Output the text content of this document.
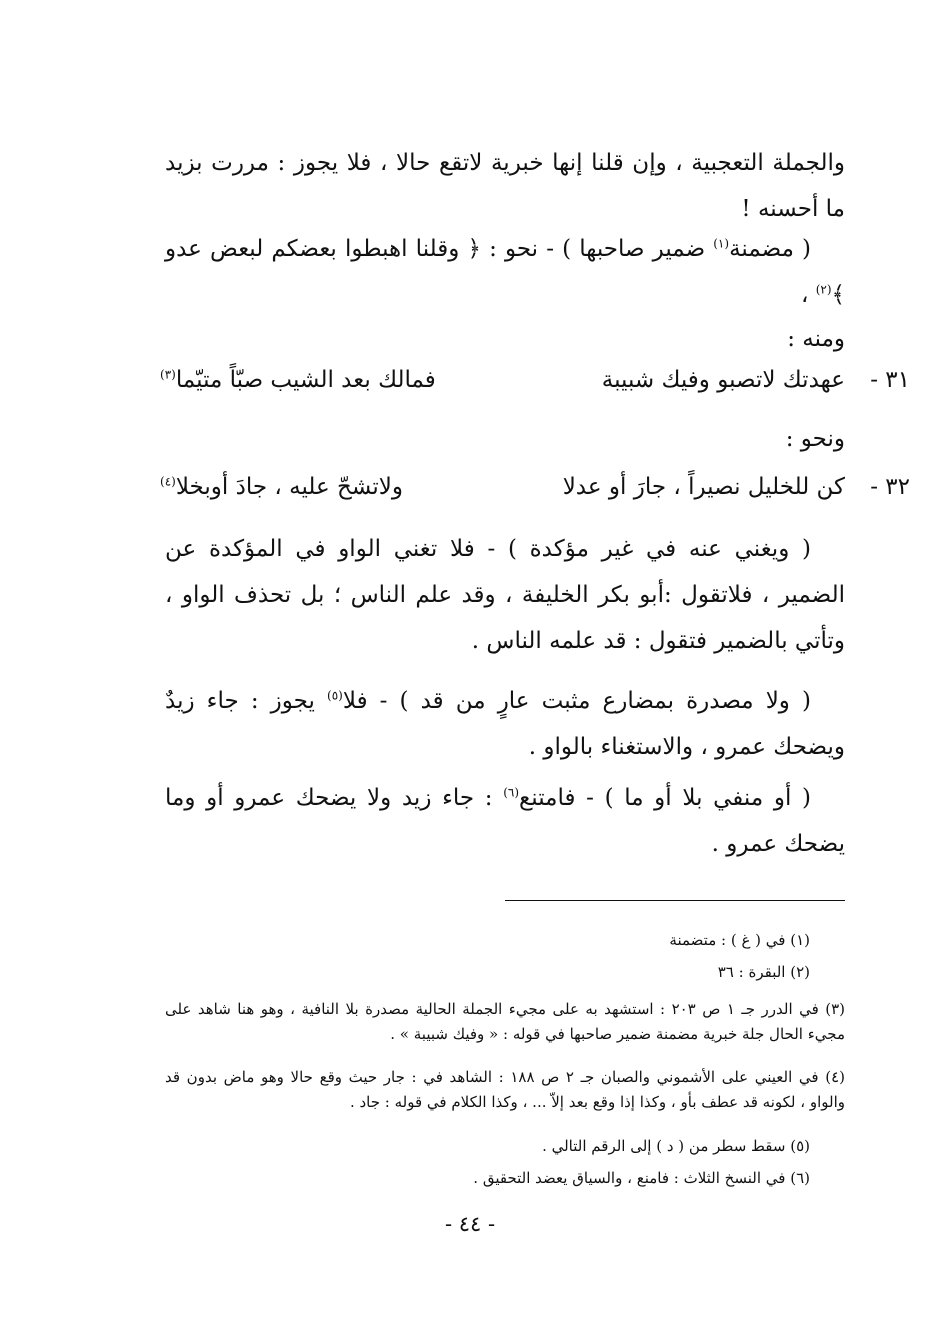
والجملة التعجبية ، وإن قلنا إنها خبرية لاتقع حالا ، فلا يجوز : مررت بزيد ما أحسنه !
( مضمنة$^{(١)}$ ضمير صاحبها ) - نحو : ﴿ وقلنا اهبطوا بعضكم لبعض عدو ﴾$^{(٢)}$ ،
ومنه :
٣١ -
عهدتك لاتصبو وفيك شبيبة
فمالك بعد الشيب صبّاً متيّما$^{(٣)}$
ونحو :
٣٢ -
كن للخليل نصيراً ، جارَ أو عدلا
ولاتشحّ عليه ، جادَ أوبخلا$^{(٤)}$
( ويغني عنه في غير مؤكدة ) - فلا تغني الواو في المؤكدة عن الضمير ، فلاتقول :أبو بكر الخليفة ، وقد علم الناس ؛ بل تحذف الواو ، وتأتي بالضمير فتقول : قد علمه الناس .
( ولا مصدرة بمضارع مثبت عارٍ من قد ) - فلا$^{(٥)}$ يجوز : جاء زيدٌ ويضحك عمرو ، والاستغناء بالواو .
( أو منفي بلا أو ما ) - فامتنع$^{(٦)}$ : جاء زيد ولا يضحك عمرو أو وما يضحك عمرو .
(١) في ( غ ) : متضمنة
(٢) البقرة : ٣٦
(٣) في الدرر جـ ١ ص ٢٠٣ : استشهد به على مجيء الجملة الحالية مصدرة بلا النافية ، وهو هنا شاهد على مجيء الحال جلة خبرية مضمنة ضمير صاحبها في قوله : « وفيك شبيبة » .
(٤) في العيني على الأشموني والصبان جـ ٢ ص ١٨٨ : الشاهد في : جار حيث وقع حالا وهو ماض بدون قد والواو ، لكونه قد عطف بأو ، وكذا إذا وقع بعد إلاّ ... ، وكذا الكلام في قوله : جاد .
(٥) سقط سطر من ( د ) إلى الرقم التالي .
(٦) في النسخ الثلاث : فامنع ، والسياق يعضد التحقيق .
- ٤٤ -
